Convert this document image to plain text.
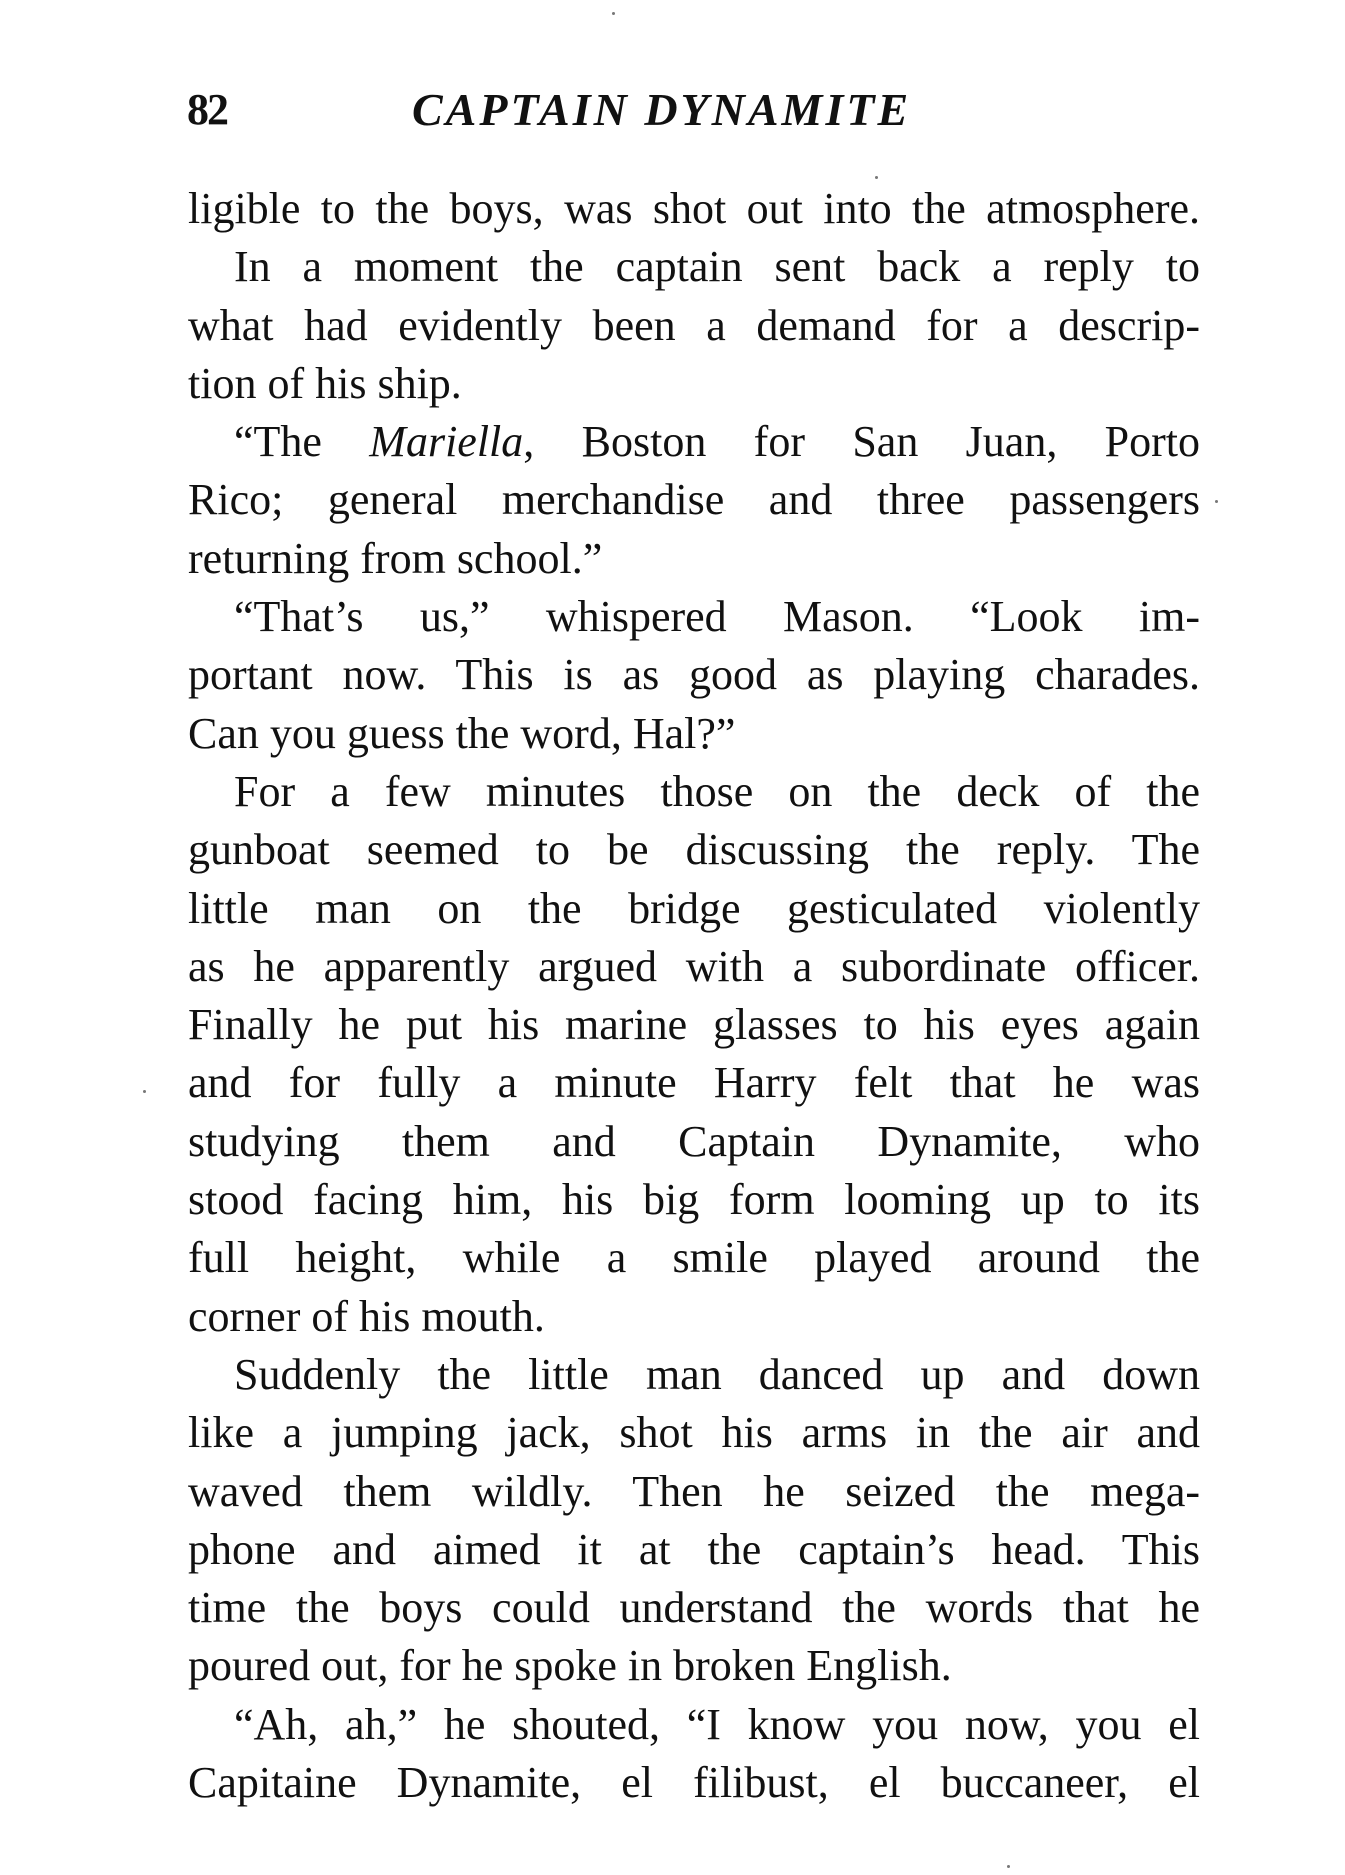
82	CAPTAIN DYNAMITE
ligible to the boys, was shot out into the atmosphere.
In a moment the captain sent back a reply to
what had evidently been a demand for a descrip-
tion of his ship.
“The Mariella, Boston for San Juan, Porto
Rico; general merchandise and three passengers
returning from school.”
“That’s us,” whispered Mason. “Look im-
portant now. This is as good as playing charades.
Can you guess the word, Hal?”
For a few minutes those on the deck of the
gunboat seemed to be discussing the reply. The
little man on the bridge gesticulated violently
as he apparently argued with a subordinate officer.
Finally he put his marine glasses to his eyes again
and for fully a minute Harry felt that he was
studying them and Captain Dynamite, who
stood facing him, his big form looming up to its
full height, while a smile played around the
corner of his mouth.
Suddenly the little man danced up and down
like a jumping jack, shot his arms in the air and
waved them wildly. Then he seized the mega-
phone and aimed it at the captain’s head. This
time the boys could understand the words that he
poured out, for he spoke in broken English.
“Ah, ah,” he shouted, “I know you now, you el
Capitaine Dynamite, el filibust, el buccaneer, el
